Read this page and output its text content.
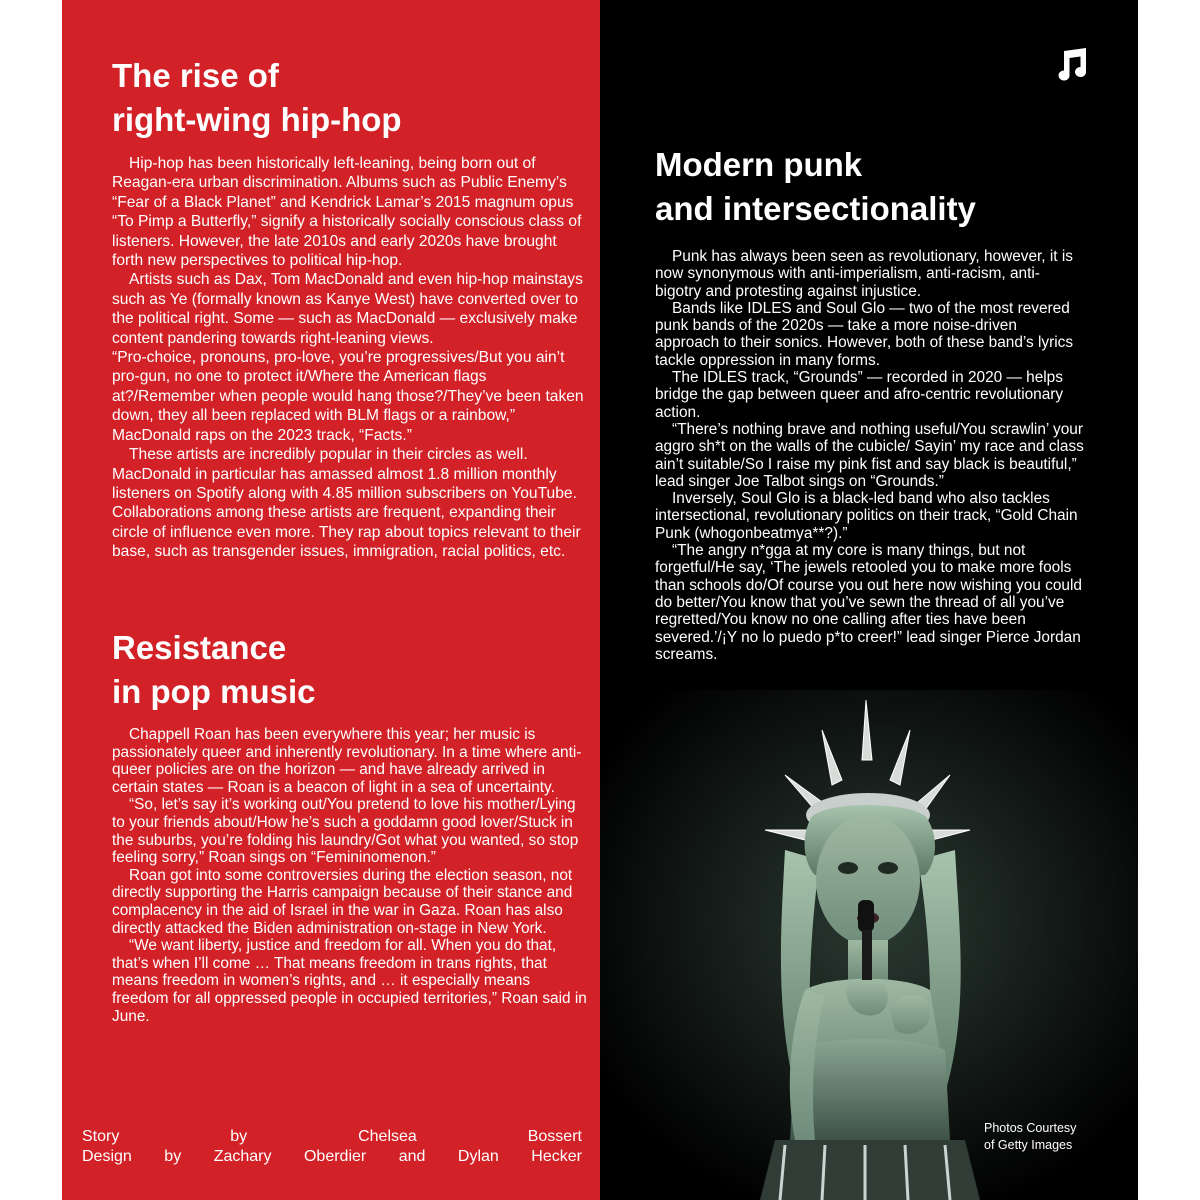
The rise of
right-wing hip-hop

Hip-hop has been historically left-leaning, being born out of Reagan-era urban discrimination. Albums such as Public Enemy’s “Fear of a Black Planet” and Kendrick Lamar’s 2015 magnum opus “To Pimp a Butterfly,” signify a historically socially conscious class of listeners. However, the late 2010s and early 2020s have brought forth new perspectives to political hip-hop.

Artists such as Dax, Tom MacDonald and even hip-hop mainstays such as Ye (formally known as Kanye West) have converted over to the political right. Some — such as MacDonald — exclusively make content pandering towards right-leaning views.

“Pro-choice, pronouns, pro-love, you’re progressives/But you ain’t pro-gun, no one to protect it/Where the American flags at?/Remember when people would hang those?/They’ve been taken down, they all been replaced with BLM flags or a rainbow,” MacDonald raps on the 2023 track, “Facts.”

These artists are incredibly popular in their circles as well. MacDonald in particular has amassed almost 1.8 million monthly listeners on Spotify along with 4.85 million subscribers on YouTube. Collaborations among these artists are frequent, expanding their circle of influence even more. They rap about topics relevant to their base, such as transgender issues, immigration, racial politics, etc.

Resistance
in pop music

Chappell Roan has been everywhere this year; her music is passionately queer and inherently revolutionary. In a time where anti-queer policies are on the horizon — and have already arrived in certain states — Roan is a beacon of light in a sea of uncertainty.

“So, let’s say it’s working out/You pretend to love his mother/Lying to your friends about/How he’s such a goddamn good lover/Stuck in the suburbs, you’re folding his laundry/Got what you wanted, so stop feeling sorry,” Roan sings on “Femininomenon.”

Roan got into some controversies during the election season, not directly supporting the Harris campaign because of their stance and complacency in the aid of Israel in the war in Gaza. Roan has also directly attacked the Biden administration on-stage in New York.

“We want liberty, justice and freedom for all. When you do that, that’s when I’ll come … That means freedom in trans rights, that means freedom in women’s rights, and … it especially means freedom for all oppressed people in occupied territories,” Roan said in June.

Story	by	Chelsea	Bossert
Design by Zachary Oberdier and Dylan Hecker
Modern punk
and intersectionality

Punk has always been seen as revolutionary, however, it is now synonymous with anti-imperialism, anti-racism, anti-bigotry and protesting against injustice.

Bands like IDLES and Soul Glo — two of the most revered punk bands of the 2020s — take a more noise-driven approach to their sonics. However, both of these band’s lyrics tackle oppression in many forms.

The IDLES track, “Grounds” — recorded in 2020 — helps bridge the gap between queer and afro-centric revolutionary action.

“There’s nothing brave and nothing useful/You scrawlin’ your aggro sh*t on the walls of the cubicle/ Sayin’ my race and class ain’t suitable/So I raise my pink fist and say black is beautiful,” lead singer Joe Talbot sings on “Grounds.”

Inversely, Soul Glo is a black-led band who also tackles intersectional, revolutionary politics on their track, “Gold Chain Punk (whogonbeatmya**?).”

“The angry n*gga at my core is many things, but not forgetful/He say, ‘The jewels retooled you to make more fools than schools do/Of course you out here now wishing you could do better/You know that you’ve sewn the thread of all you’ve regretted/You know no one calling after ties have been severed.’/¡Y no lo puedo p*to creer!” lead singer Pierce Jordan screams.

Photos Courtesy
of Getty Images
